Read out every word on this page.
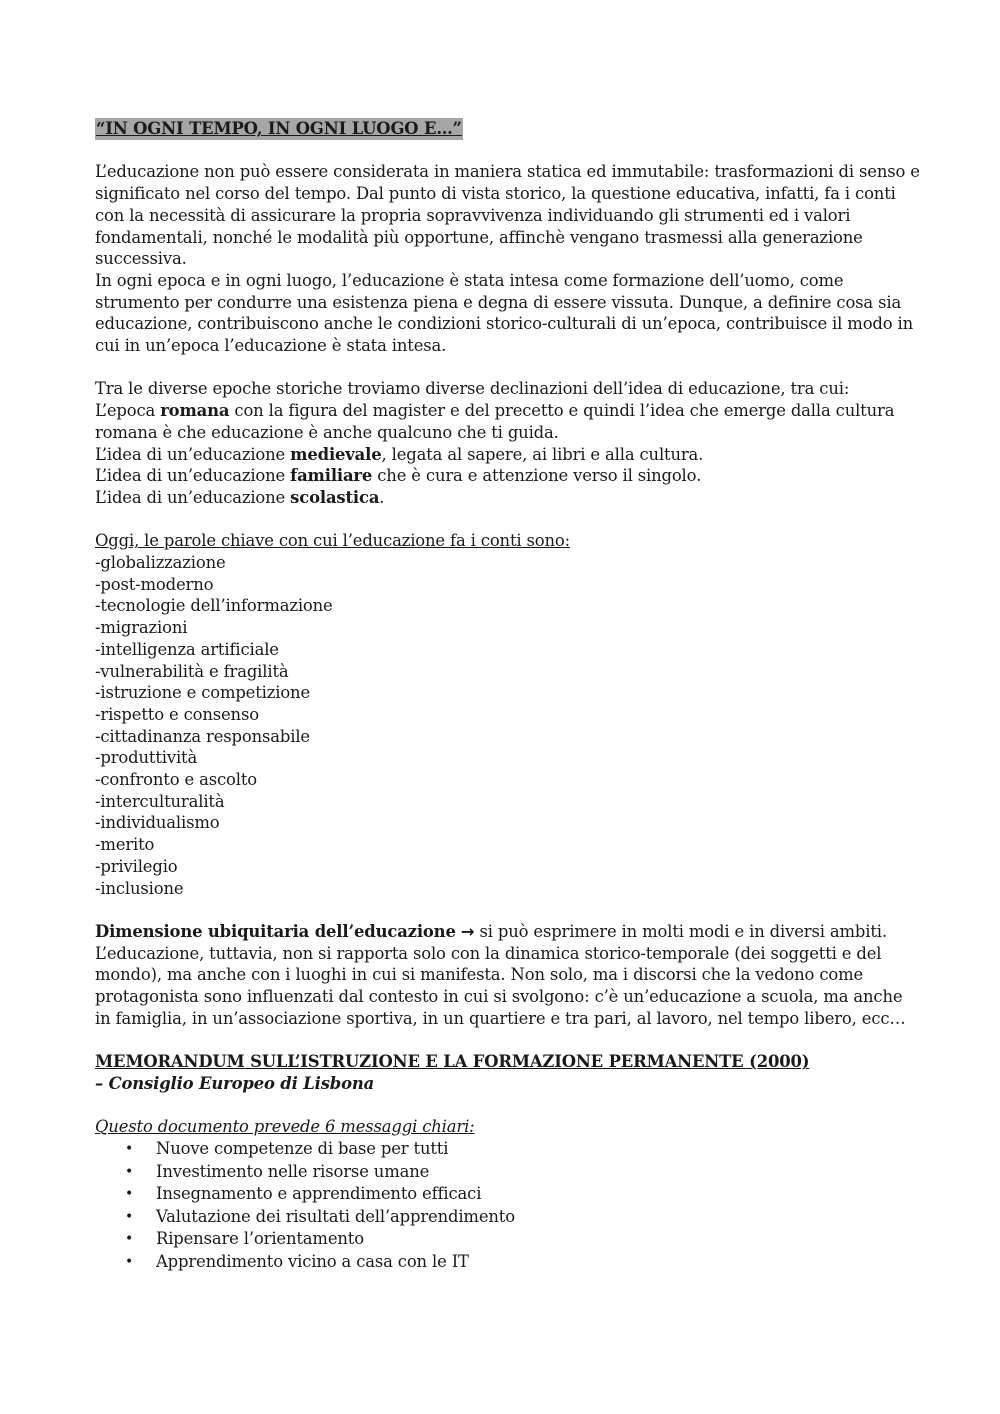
“IN OGNI TEMPO, IN OGNI LUOGO E…”

L’educazione non può essere considerata in maniera statica ed immutabile: trasformazioni di senso e significato nel corso del tempo. Dal punto di vista storico, la questione educativa, infatti, fa i conti con la necessità di assicurare la propria sopravvivenza individuando gli strumenti ed i valori fondamentali, nonché le modalità più opportune, affinchè vengano trasmessi alla generazione successiva.

In ogni epoca e in ogni luogo, l’educazione è stata intesa come formazione dell’uomo, come strumento per condurre una esistenza piena e degna di essere vissuta. Dunque, a definire cosa sia educazione, contribuiscono anche le condizioni storico-culturali di un’epoca, contribuisce il modo in cui in un’epoca l’educazione è stata intesa.

Tra le diverse epoche storiche troviamo diverse declinazioni dell’idea di educazione, tra cui:

L’epoca romana con la figura del magister e del precetto e quindi l’idea che emerge dalla cultura romana è che educazione è anche qualcuno che ti guida.

L’idea di un’educazione medievale, legata al sapere, ai libri e alla cultura.

L’idea di un’educazione familiare che è cura e attenzione verso il singolo.

L’idea di un’educazione scolastica.

Oggi, le parole chiave con cui l’educazione fa i conti sono:

-globalizzazione

-post-moderno

-tecnologie dell’informazione

-migrazioni

-intelligenza artificiale

-vulnerabilità e fragilità

-istruzione e competizione

-rispetto e consenso

-cittadinanza responsabile

-produttività

-confronto e ascolto

-interculturalità

-individualismo

-merito

-privilegio

-inclusione

Dimensione ubiquitaria dell’educazione → si può esprimere in molti modi e in diversi ambiti.

L’educazione, tuttavia, non si rapporta solo con la dinamica storico-temporale (dei soggetti e del mondo), ma anche con i luoghi in cui si manifesta. Non solo, ma i discorsi che la vedono come protagonista sono influenzati dal contesto in cui si svolgono: c’è un’educazione a scuola, ma anche in famiglia, in un’associazione sportiva, in un quartiere e tra pari, al lavoro, nel tempo libero, ecc…

MEMORANDUM SULL’ISTRUZIONE E LA FORMAZIONE PERMANENTE (2000)

– Consiglio Europeo di Lisbona

Questo documento prevede 6 messaggi chiari:

• Nuove competenze di base per tutti
• Investimento nelle risorse umane
• Insegnamento e apprendimento efficaci
• Valutazione dei risultati dell’apprendimento
• Ripensare l’orientamento
• Apprendimento vicino a casa con le IT
